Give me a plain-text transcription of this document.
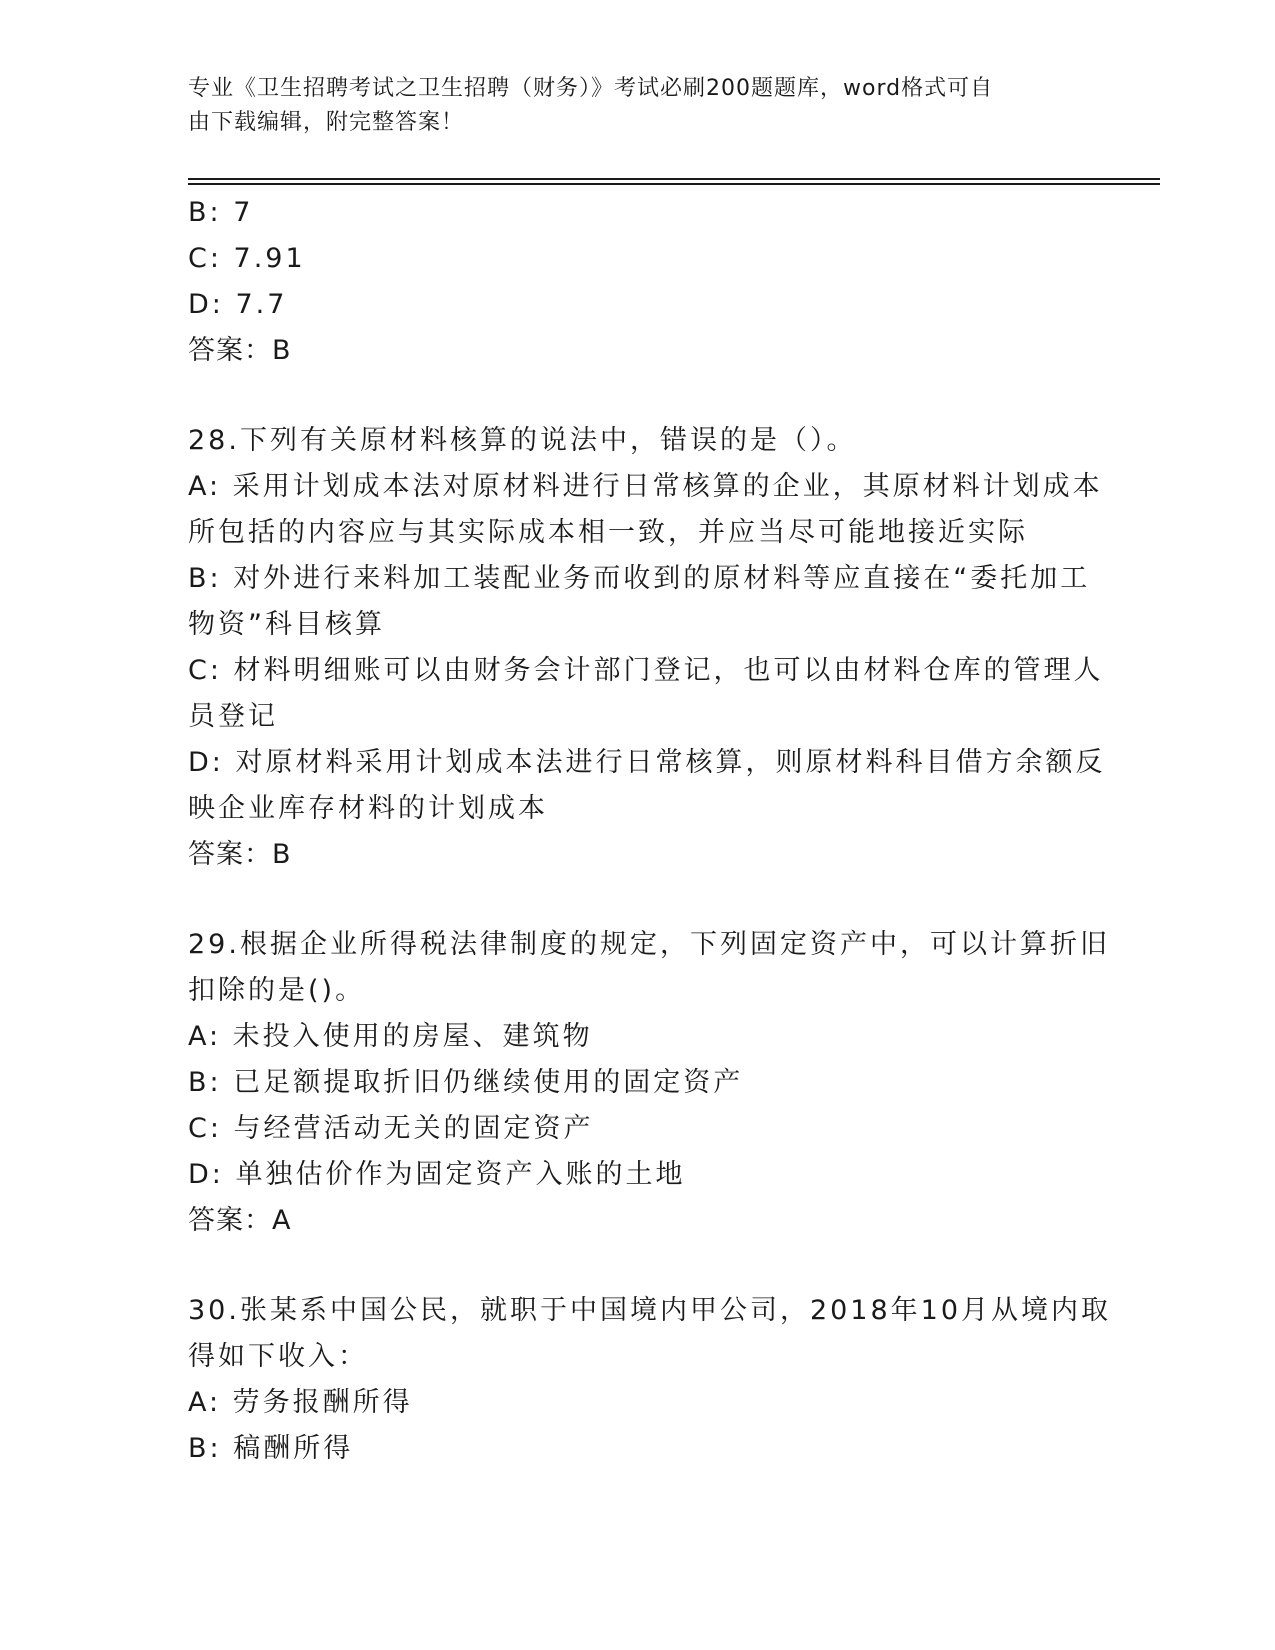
专业《卫生招聘考试之卫生招聘（财务）》考试必刷200题题库，word格式可自
由下载编辑，附完整答案！
B: 7
C: 7.91
D: 7.7
答案：B
28.下列有关原材料核算的说法中，错误的是（）。
A: 采用计划成本法对原材料进行日常核算的企业，其原材料计划成本
所包括的内容应与其实际成本相一致，并应当尽可能地接近实际
B: 对外进行来料加工装配业务而收到的原材料等应直接在“委托加工
物资”科目核算
C: 材料明细账可以由财务会计部门登记，也可以由材料仓库的管理人
员登记
D: 对原材料采用计划成本法进行日常核算，则原材料科目借方余额反
映企业库存材料的计划成本
答案：B
29.根据企业所得税法律制度的规定，下列固定资产中，可以计算折旧
扣除的是()。
A: 未投入使用的房屋、建筑物
B: 已足额提取折旧仍继续使用的固定资产
C: 与经营活动无关的固定资产
D: 单独估价作为固定资产入账的土地
答案：A
30.张某系中国公民，就职于中国境内甲公司，2018年10月从境内取
得如下收入：
A: 劳务报酬所得
B: 稿酬所得
